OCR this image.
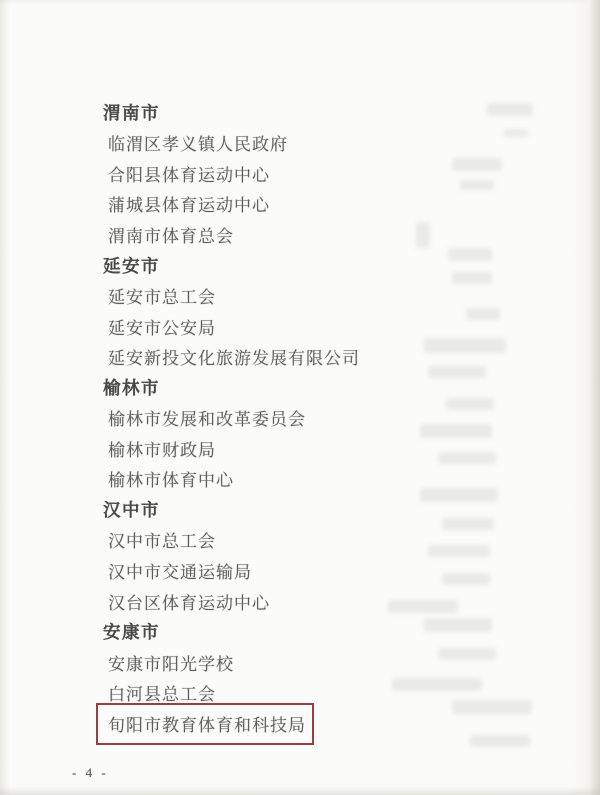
渭南市
临渭区孝义镇人民政府
合阳县体育运动中心
蒲城县体育运动中心
渭南市体育总会
延安市
延安市总工会
延安市公安局
延安新投文化旅游发展有限公司
榆林市
榆林市发展和改革委员会
榆林市财政局
榆林市体育中心
汉中市
汉中市总工会
汉中市交通运输局
汉台区体育运动中心
安康市
安康市阳光学校
白河县总工会
旬阳市教育体育和科技局
- 4 -
